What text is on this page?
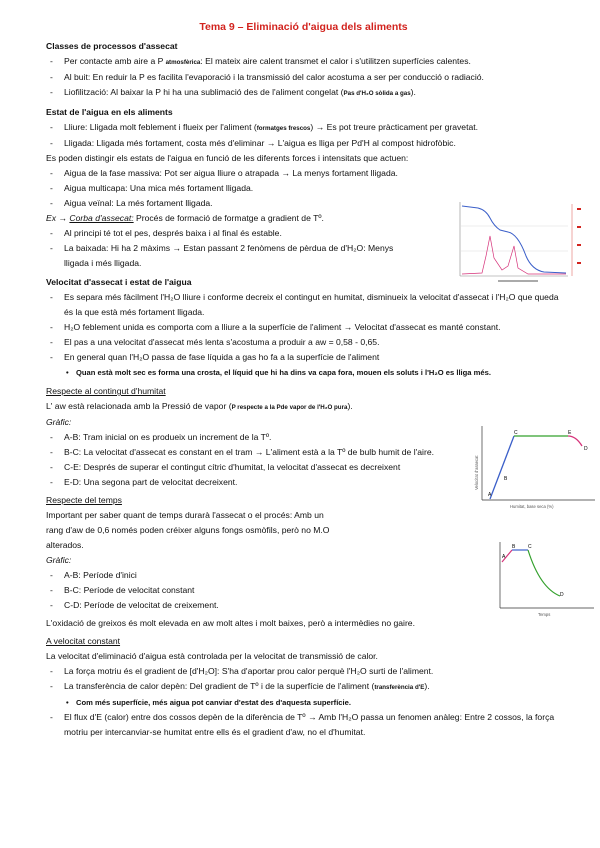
Tema 9 – Eliminació d'aigua dels aliments
Classes de processos d'assecat
- Per contacte amb aire a P atmosfèrica: El mateix aire calent transmet el calor i s'utilitzen superfícies calentes.
- Al buit: En reduir la P es facilita l'evaporació i la transmissió del calor acostuma a ser per conducció o radiació.
- Liofilització: Al baixar la P hi ha una sublimació des de l'aliment congelat (Pas d'H₂O sòlida a gas).
Estat de l'aigua en els aliments
- Lliure: Lligada molt feblement i flueix per l'aliment (formatges frescos) → Es pot treure pràcticament per gravetat.
- Lligada: Lligada més fortament, costa més d'eliminar → L'aigua es lliga per Pd'H al compost hidrofòbic.
Es poden distingir els estats de l'aigua en funció de les diferents forces i intensitats que actuen:
- Aigua de la fase massiva: Pot ser aigua lliure o atrapada → La menys fortament lligada.
- Aigua multicapa: Una mica més fortament lligada.
- Aigua veïnal: La més fortament lligada.
Ex → Corba d'assecat: Procés de formació de formatge a gradient de Tº.
- Al principi té tot el pes, després baixa i al final és estable.
- La baixada: Hi ha 2 màxims → Estan passant 2 fenòmens de pèrdua de d'H₂O: Menys lligada i més lligada.
Velocitat d'assecat i estat de l'aigua
- Es separa més fàcilment l'H₂O lliure i conforme decreix el contingut en humitat, disminueix la velocitat d'assecat i l'H₂O que queda és la que està més fortament lligada.
- H₂O feblement unida es comporta com a lliure a la superfície de l'aliment → Velocitat d'assecat es manté constant.
- El pas a una velocitat d'assecat més lenta s'acostuma a produir a aw = 0,58 - 0,65.
- En general quan l'H₂O passa de fase líquida a gas ho fa a la superfície de l'aliment
• Quan està molt sec es forma una crosta, el líquid que hi ha dins va capa fora, mouen els soluts i l'H₂O es lliga més.
Respecte al contingut d'humitat
L' aw està relacionada amb la Pressió de vapor (P respecte a la Pde vapor de l'H₂O pura).
Gràfic:
- A-B: Tram inicial on es produeix un increment de la Tº.
- B-C: La velocitat d'assecat es constant en el tram → L'aliment està a la Tº de bulb humit de l'aire.
- C-E: Després de superar el contingut cítric d'humitat, la velocitat d'assecat es decreixent
- E-D: Una segona part de velocitat decreixent.
Respecte del temps
Important per saber quant de temps durarà l'assecat o el procés: Amb un rang d'aw de 0,6 només poden créixer alguns fongs osmòfils, però no M.O alterados.
Gràfic:
- A-B: Període d'inici
- B-C: Període de velocitat constant
- C-D: Període de velocitat de creixement.
L'oxidació de greixos és molt elevada en aw molt altes i molt baixes, però a intermèdies no gaire.
A velocitat constant
La velocitat d'eliminació d'aigua està controlada per la velocitat de transmissió de calor.
- La força motriu és el gradient de [d'H₂O]: S'ha d'aportar prou calor perquè l'H₂O surti de l'aliment.
- La transferència de calor depèn: Del gradient de Tº i de la superfície de l'aliment (transferència d'E).
• Com més superfície, més aigua pot canviar d'estat des d'aquesta superfície.
- El flux d'E (calor) entre dos cossos depèn de la diferència de Tº → Amb l'H₂O passa un fenomen anàleg: Entre 2 cossos, la força motriu per intercanviar-se humitat entre ells és el gradient d'aw, no el d'humitat.
A
B
C	E
D
Humitat, base seca (%)
Velocitat d'assecat
A
B	C
D
Temps
